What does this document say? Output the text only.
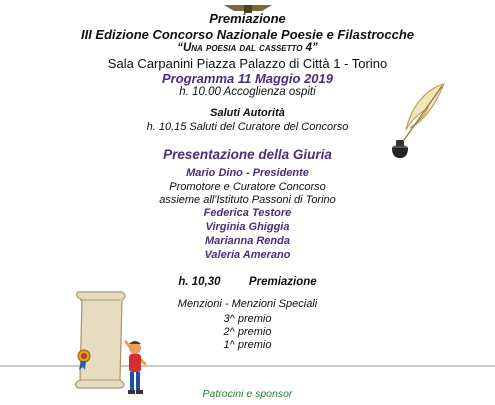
Premiazione
III Edizione Concorso Nazionale Poesie e Filastrocche
“Una poesia dal cassetto 4”
Sala Carpanini Piazza Palazzo di Città 1 - Torino
Programma 11 Maggio 2019
h. 10.00 Accoglienza ospiti
Saluti Autorità
h. 10,15 Saluti del Curatore del Concorso
Presentazione della Giuria
Mario Dino - Presidente
Promotore e Curatore Concorso
assieme all'Istituto Passoni di Torino
Federica Testore
Virginia Ghiggia
Marianna Renda
Valeria Amerano
h. 10,30 Premiazione
Menzioni - Menzioni Speciali
3^ premio
2^ premio
1^ premio
Patrocini e sponsor
